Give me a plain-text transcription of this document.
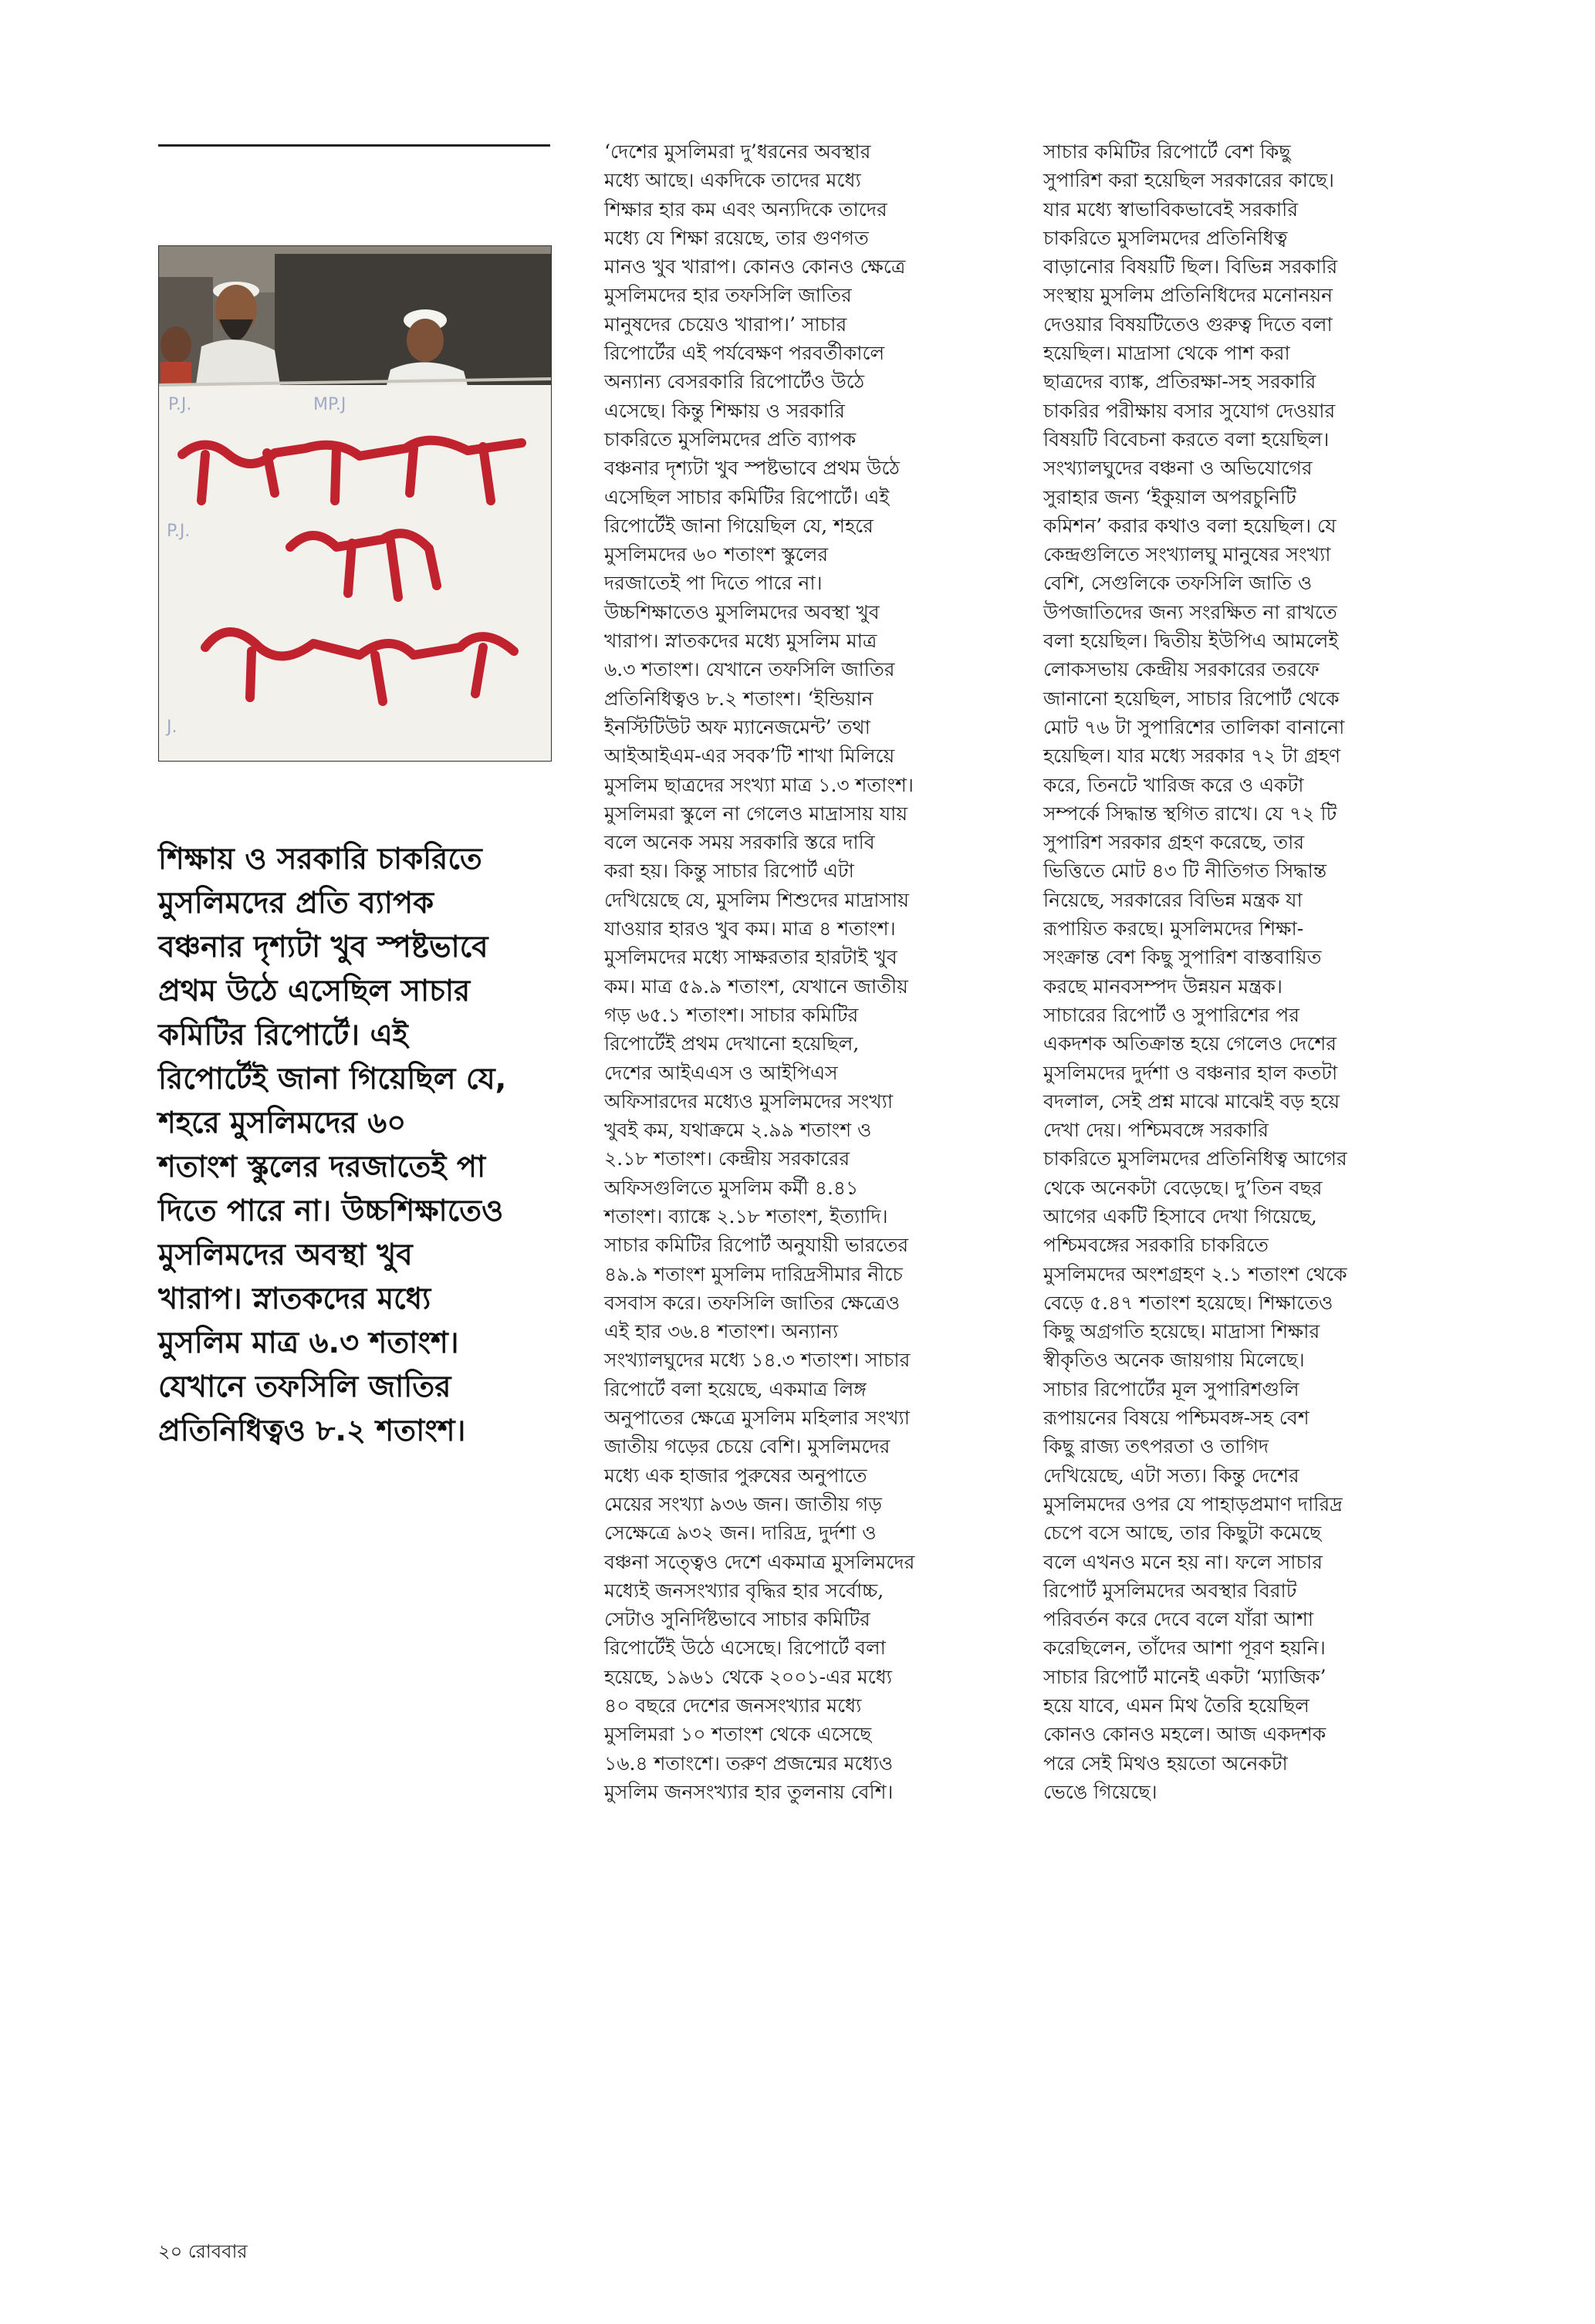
P.J.	MP.J
P.J.
J.

শিক্ষায় ও সরকারি চাকরিতে
মুসলিমদের প্রতি ব্যাপক
বঞ্চনার দৃশ্যটা খুব স্পষ্টভাবে
প্রথম উঠে এসেছিল সাচার
কমিটির রিপোর্টে। এই
রিপোর্টেই জানা গিয়েছিল যে,
শহরে মুসলিমদের ৬০
শতাংশ স্কুলের দরজাতেই পা
দিতে পারে না। উচ্চশিক্ষাতেও
মুসলিমদের অবস্থা খুব
খারাপ। স্নাতকদের মধ্যে
মুসলিম মাত্র ৬.৩ শতাংশ।
যেখানে তফসিলি জাতির
প্রতিনিধিত্বও ৮.২ শতাংশ।

‘দেশের মুসলিমরা দু’ধরনের অবস্থার
মধ্যে আছে। একদিকে তাদের মধ্যে
শিক্ষার হার কম এবং অন্যদিকে তাদের
মধ্যে যে শিক্ষা রয়েছে, তার গুণগত
মানও খুব খারাপ। কোনও কোনও ক্ষেত্রে
মুসলিমদের হার তফসিলি জাতির
মানুষদের চেয়েও খারাপ।’ সাচার
রিপোর্টের এই পর্যবেক্ষণ পরবর্তীকালে
অন্যান্য বেসরকারি রিপোর্টেও উঠে
এসেছে। কিন্তু শিক্ষায় ও সরকারি
চাকরিতে মুসলিমদের প্রতি ব্যাপক
বঞ্চনার দৃশ্যটা খুব স্পষ্টভাবে প্রথম উঠে
এসেছিল সাচার কমিটির রিপোর্টে। এই
রিপোর্টেই জানা গিয়েছিল যে, শহরে
মুসলিমদের ৬০ শতাংশ স্কুলের
দরজাতেই পা দিতে পারে না।
উচ্চশিক্ষাতেও মুসলিমদের অবস্থা খুব
খারাপ। স্নাতকদের মধ্যে মুসলিম মাত্র
৬.৩ শতাংশ। যেখানে তফসিলি জাতির
প্রতিনিধিত্বও ৮.২ শতাংশ। ‘ইন্ডিয়ান
ইনস্টিটিউট অফ ম্যানেজমেন্ট’ তথা
আইআইএম-এর সবক’টি শাখা মিলিয়ে
মুসলিম ছাত্রদের সংখ্যা মাত্র ১.৩ শতাংশ।
মুসলিমরা স্কুলে না গেলেও মাদ্রাসায় যায়
বলে অনেক সময় সরকারি স্তরে দাবি
করা হয়। কিন্তু সাচার রিপোর্ট এটা
দেখিয়েছে যে, মুসলিম শিশুদের মাদ্রাসায়
যাওয়ার হারও খুব কম। মাত্র ৪ শতাংশ।
মুসলিমদের মধ্যে সাক্ষরতার হারটাই খুব
কম। মাত্র ৫৯.৯ শতাংশ, যেখানে জাতীয়
গড় ৬৫.১ শতাংশ। সাচার কমিটির
রিপোর্টেই প্রথম দেখানো হয়েছিল,
দেশের আইএএস ও আইপিএস
অফিসারদের মধ্যেও মুসলিমদের সংখ্যা
খুবই কম, যথাক্রমে ২.৯৯ শতাংশ ও
২.১৮ শতাংশ। কেন্দ্রীয় সরকারের
অফিসগুলিতে মুসলিম কর্মী ৪.৪১
শতাংশ। ব্যাঙ্কে ২.১৮ শতাংশ, ইত্যাদি।
সাচার কমিটির রিপোর্ট অনুযায়ী ভারতের
৪৯.৯ শতাংশ মুসলিম দারিদ্রসীমার নীচে
বসবাস করে। তফসিলি জাতির ক্ষেত্রেও
এই হার ৩৬.৪ শতাংশ। অন্যান্য
সংখ্যালঘুদের মধ্যে ১৪.৩ শতাংশ। সাচার
রিপোর্টে বলা হয়েছে, একমাত্র লিঙ্গ
অনুপাতের ক্ষেত্রে মুসলিম মহিলার সংখ্যা
জাতীয় গড়ের চেয়ে বেশি। মুসলিমদের
মধ্যে এক হাজার পুরুষের অনুপাতে
মেয়ের সংখ্যা ৯৩৬ জন। জাতীয় গড়
সেক্ষেত্রে ৯৩২ জন। দারিদ্র, দুর্দশা ও
বঞ্চনা সত্ত্বেও দেশে একমাত্র মুসলিমদের
মধ্যেই জনসংখ্যার বৃদ্ধির হার সর্বোচ্চ,
সেটাও সুনির্দিষ্টভাবে সাচার কমিটির
রিপোর্টেই উঠে এসেছে। রিপোর্টে বলা
হয়েছে, ১৯৬১ থেকে ২০০১-এর মধ্যে
৪০ বছরে দেশের জনসংখ্যার মধ্যে
মুসলিমরা ১০ শতাংশ থেকে এসেছে
১৬.৪ শতাংশে। তরুণ প্রজন্মের মধ্যেও
মুসলিম জনসংখ্যার হার তুলনায় বেশি।

সাচার কমিটির রিপোর্টে বেশ কিছু
সুপারিশ করা হয়েছিল সরকারের কাছে।
যার মধ্যে স্বাভাবিকভাবেই সরকারি
চাকরিতে মুসলিমদের প্রতিনিধিত্ব
বাড়ানোর বিষয়টি ছিল। বিভিন্ন সরকারি
সংস্থায় মুসলিম প্রতিনিধিদের মনোনয়ন
দেওয়ার বিষয়টিতেও গুরুত্ব দিতে বলা
হয়েছিল। মাদ্রাসা থেকে পাশ করা
ছাত্রদের ব্যাঙ্ক, প্রতিরক্ষা-সহ সরকারি
চাকরির পরীক্ষায় বসার সুযোগ দেওয়ার
বিষয়টি বিবেচনা করতে বলা হয়েছিল।
সংখ্যালঘুদের বঞ্চনা ও অভিযোগের
সুরাহার জন্য ‘ইকুয়াল অপরচুনিটি
কমিশন’ করার কথাও বলা হয়েছিল। যে
কেন্দ্রগুলিতে সংখ্যালঘু মানুষের সংখ্যা
বেশি, সেগুলিকে তফসিলি জাতি ও
উপজাতিদের জন্য সংরক্ষিত না রাখতে
বলা হয়েছিল। দ্বিতীয় ইউপিএ আমলেই
লোকসভায় কেন্দ্রীয় সরকারের তরফে
জানানো হয়েছিল, সাচার রিপোর্ট থেকে
মোট ৭৬ টা সুপারিশের তালিকা বানানো
হয়েছিল। যার মধ্যে সরকার ৭২ টা গ্রহণ
করে, তিনটে খারিজ করে ও একটা
সম্পর্কে সিদ্ধান্ত স্থগিত রাখে। যে ৭২ টি
সুপারিশ সরকার গ্রহণ করেছে, তার
ভিত্তিতে মোট ৪৩ টি নীতিগত সিদ্ধান্ত
নিয়েছে, সরকারের বিভিন্ন মন্ত্রক যা
রূপায়িত করছে। মুসলিমদের শিক্ষা-
সংক্রান্ত বেশ কিছু সুপারিশ বাস্তবায়িত
করছে মানবসম্পদ উন্নয়ন মন্ত্রক।
সাচারের রিপোর্ট ও সুপারিশের পর
একদশক অতিক্রান্ত হয়ে গেলেও দেশের
মুসলিমদের দুর্দশা ও বঞ্চনার হাল কতটা
বদলাল, সেই প্রশ্ন মাঝে মাঝেই বড় হয়ে
দেখা দেয়। পশ্চিমবঙ্গে সরকারি
চাকরিতে মুসলিমদের প্রতিনিধিত্ব আগের
থেকে অনেকটা বেড়েছে। দু’তিন বছর
আগের একটি হিসাবে দেখা গিয়েছে,
পশ্চিমবঙ্গের সরকারি চাকরিতে
মুসলিমদের অংশগ্রহণ ২.১ শতাংশ থেকে
বেড়ে ৫.৪৭ শতাংশ হয়েছে। শিক্ষাতেও
কিছু অগ্রগতি হয়েছে। মাদ্রাসা শিক্ষার
স্বীকৃতিও অনেক জায়গায় মিলেছে।
সাচার রিপোর্টের মূল সুপারিশগুলি
রূপায়নের বিষয়ে পশ্চিমবঙ্গ-সহ বেশ
কিছু রাজ্য তৎপরতা ও তাগিদ
দেখিয়েছে, এটা সত্য। কিন্তু দেশের
মুসলিমদের ওপর যে পাহাড়প্রমাণ দারিদ্র
চেপে বসে আছে, তার কিছুটা কমেছে
বলে এখনও মনে হয় না। ফলে সাচার
রিপোর্ট মুসলিমদের অবস্থার বিরাট
পরিবর্তন করে দেবে বলে যাঁরা আশা
করেছিলেন, তাঁদের আশা পূরণ হয়নি।
সাচার রিপোর্ট মানেই একটা ‘ম্যাজিক’
হয়ে যাবে, এমন মিথ তৈরি হয়েছিল
কোনও কোনও মহলে। আজ একদশক
পরে সেই মিথও হয়তো অনেকটা
ভেঙে গিয়েছে।

২০ রোববার
